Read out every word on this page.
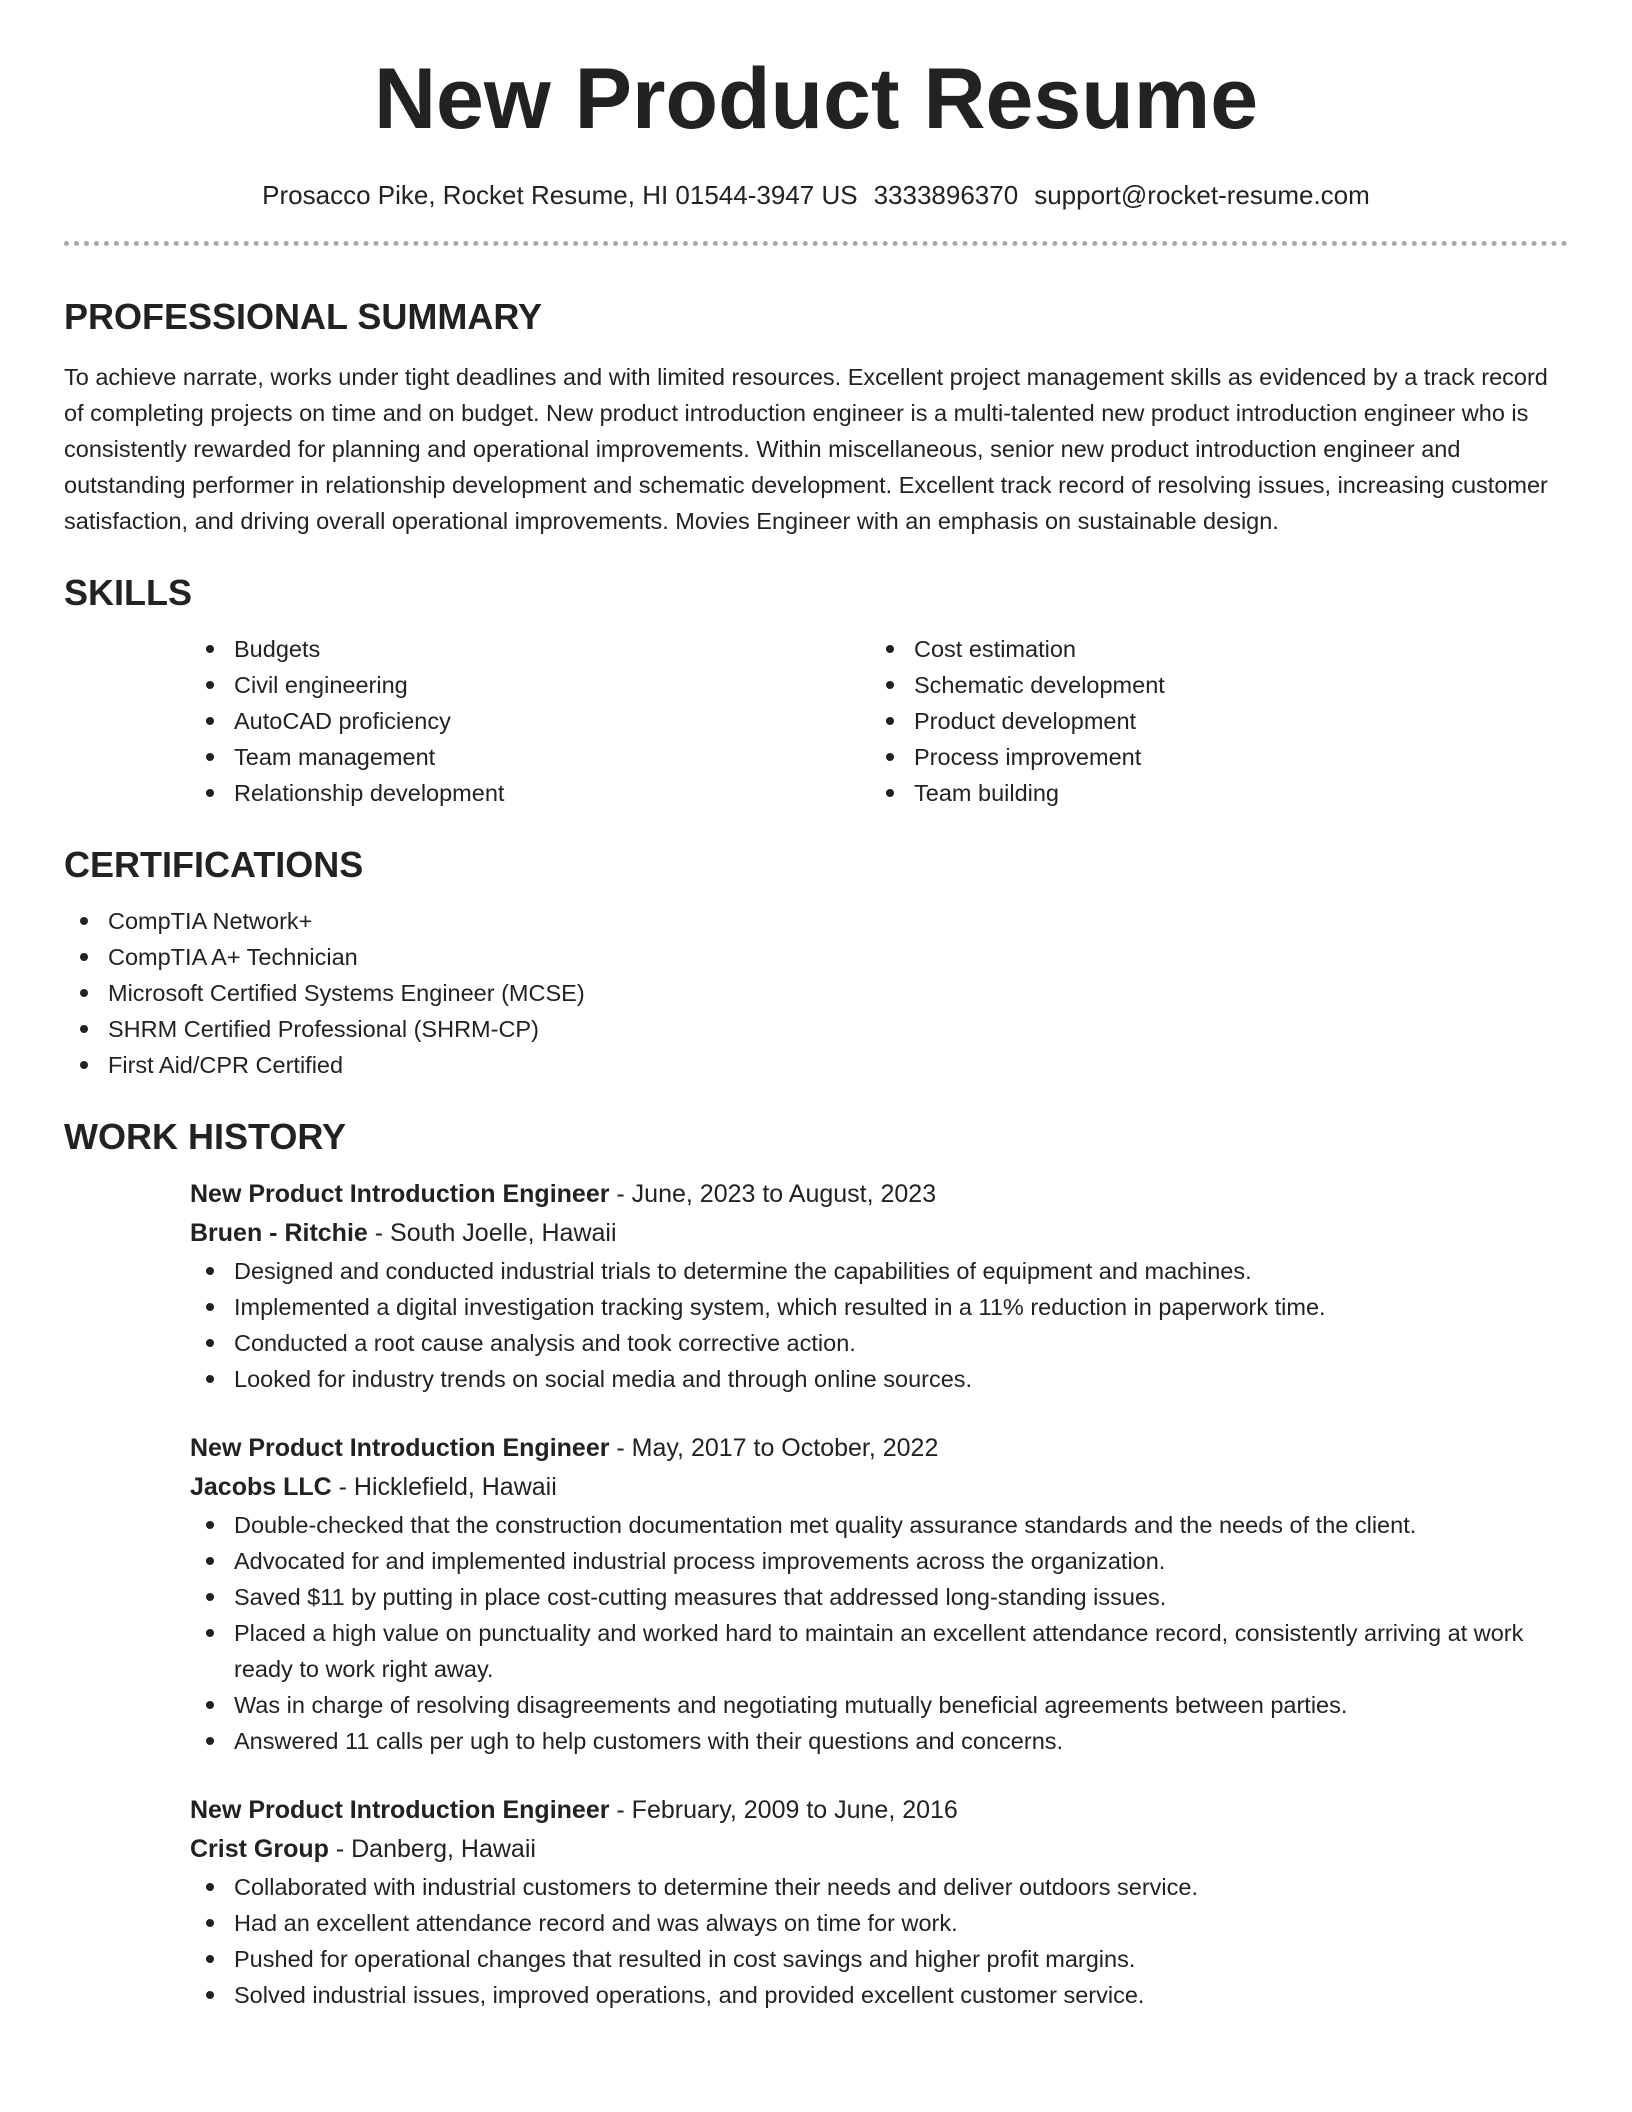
New Product Resume
Prosacco Pike, Rocket Resume, HI 01544-3947 US 3333896370 support@rocket-resume.com
PROFESSIONAL SUMMARY

To achieve narrate, works under tight deadlines and with limited resources. Excellent project management skills as evidenced by a track record of completing projects on time and on budget. New product introduction engineer is a multi-talented new product introduction engineer who is consistently rewarded for planning and operational improvements. Within miscellaneous, senior new product introduction engineer and outstanding performer in relationship development and schematic development. Excellent track record of resolving issues, increasing customer satisfaction, and driving overall operational improvements. Movies Engineer with an emphasis on sustainable design.

SKILLS
Budgets
Civil engineering
AutoCAD proficiency
Team management
Relationship development
Cost estimation
Schematic development
Product development
Process improvement
Team building
CERTIFICATIONS
CompTIA Network+
CompTIA A+ Technician
Microsoft Certified Systems Engineer (MCSE)
SHRM Certified Professional (SHRM-CP)
First Aid/CPR Certified
WORK HISTORY
New Product Introduction Engineer - June, 2023 to August, 2023
Bruen - Ritchie - South Joelle, Hawaii
Designed and conducted industrial trials to determine the capabilities of equipment and machines.
Implemented a digital investigation tracking system, which resulted in a 11% reduction in paperwork time.
Conducted a root cause analysis and took corrective action.
Looked for industry trends on social media and through online sources.
New Product Introduction Engineer - May, 2017 to October, 2022
Jacobs LLC - Hicklefield, Hawaii
Double-checked that the construction documentation met quality assurance standards and the needs of the client.
Advocated for and implemented industrial process improvements across the organization.
Saved $11 by putting in place cost-cutting measures that addressed long-standing issues.
Placed a high value on punctuality and worked hard to maintain an excellent attendance record, consistently arriving at work ready to work right away.
Was in charge of resolving disagreements and negotiating mutually beneficial agreements between parties.
Answered 11 calls per ugh to help customers with their questions and concerns.
New Product Introduction Engineer - February, 2009 to June, 2016
Crist Group - Danberg, Hawaii
Collaborated with industrial customers to determine their needs and deliver outdoors service.
Had an excellent attendance record and was always on time for work.
Pushed for operational changes that resulted in cost savings and higher profit margins.
Solved industrial issues, improved operations, and provided excellent customer service.
